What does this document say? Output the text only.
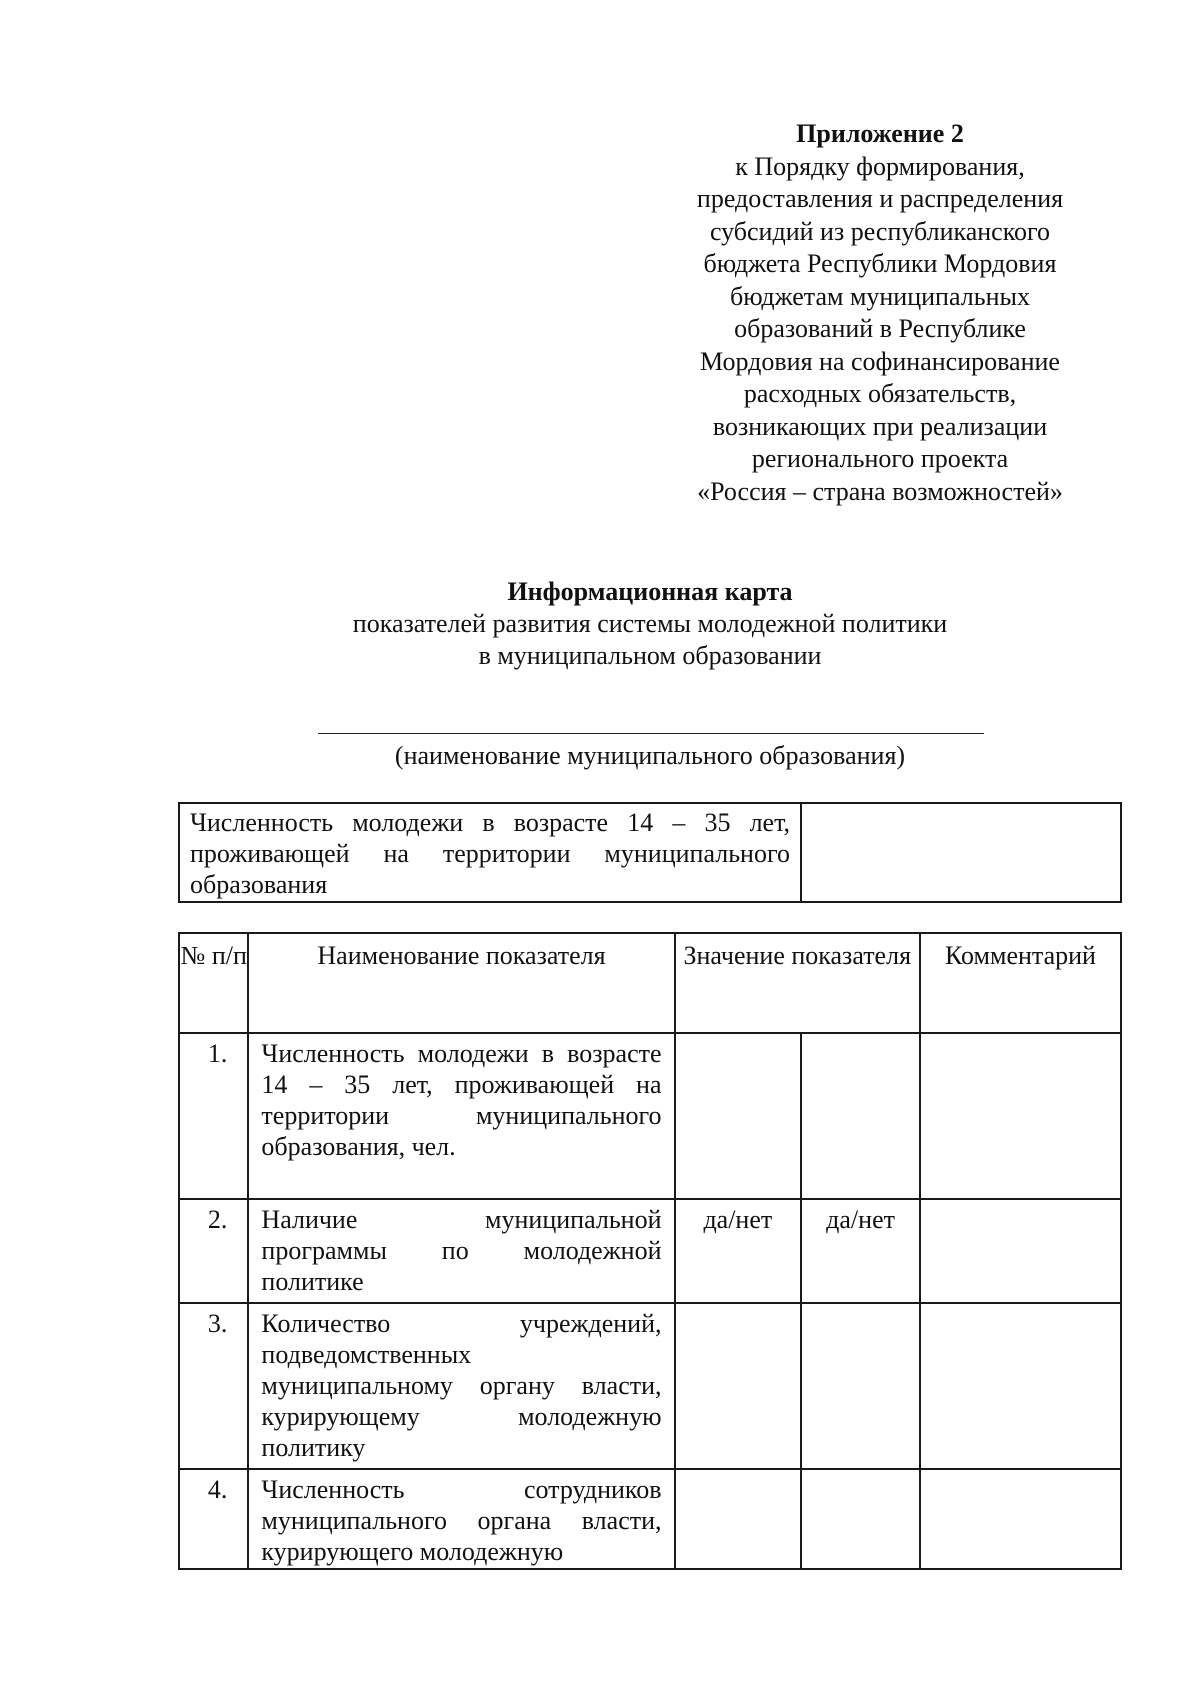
Приложение 2
к Порядку формирования,
предоставления и распределения
субсидий из республиканского
бюджета Республики Мордовия
бюджетам муниципальных
образований в Республике
Мордовия на софинансирование
расходных обязательств,
возникающих при реализации
регионального проекта
«Россия – страна возможностей»
Информационная карта
показателей развития системы молодежной политики
в муниципальном образовании
(наименование муниципального образования)
Численность молодежи в возрасте 14 – 35 лет, проживающей на территории муниципального образования	
№ п/п	Наименование показателя	Значение показателя		Комментарий
1.	Численность молодежи в возрасте 14 – 35 лет, проживающей на территории муниципального образования, чел.			
2.	Наличие муниципальной программы по молодежной политике	да/нет	да/нет	
3.	Количество учреждений, подведомственных муниципальному органу власти, курирующему молодежную политику			
4.	Численность сотрудников муниципального органа власти, курирующего молодежную			
